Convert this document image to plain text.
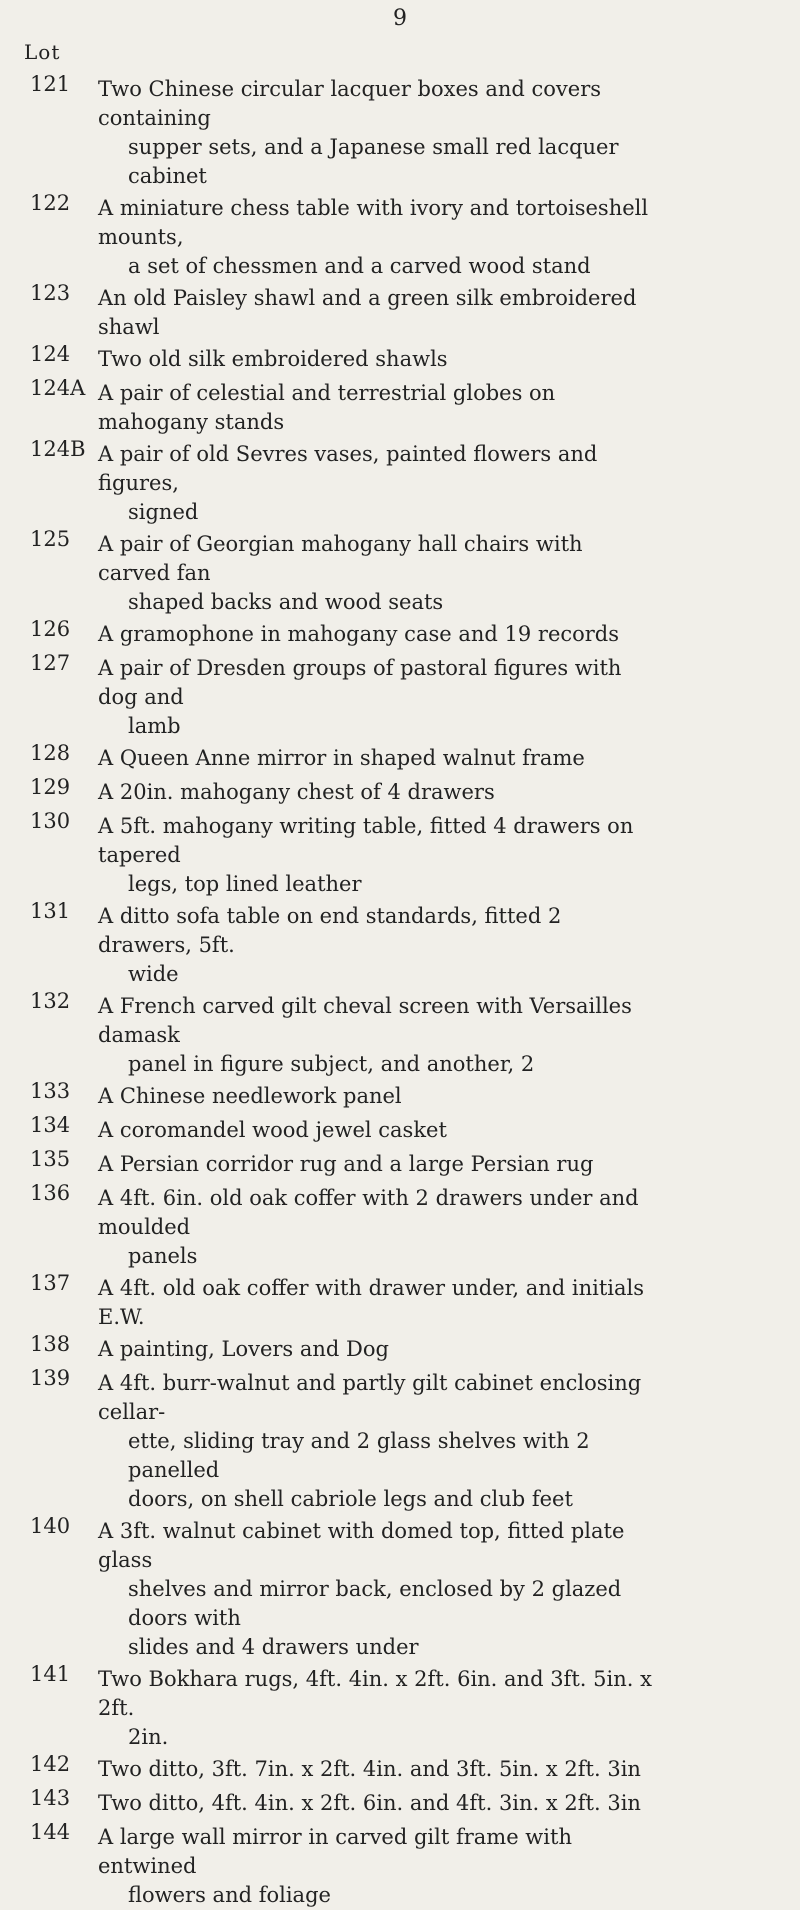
9
Lot
121	Two Chinese circular lacquer boxes and covers containing
supper sets, and a Japanese small red lacquer cabinet
122	A miniature chess table with ivory and tortoiseshell mounts,
a set of chessmen and a carved wood stand
123	An old Paisley shawl and a green silk embroidered shawl
124	Two old silk embroidered shawls
124A A pair of celestial and terrestrial globes on mahogany stands
124B A pair of old Sevres vases, painted flowers and figures,
signed
125	A pair of Georgian mahogany hall chairs with carved fan
shaped backs and wood seats
126	A gramophone in mahogany case and 19 records
127	A pair of Dresden groups of pastoral figures with dog and
lamb
128	A Queen Anne mirror in shaped walnut frame
129	A 20in. mahogany chest of 4 drawers
130	A 5ft. mahogany writing table, fitted 4 drawers on tapered
legs, top lined leather
131	A ditto sofa table on end standards, fitted 2 drawers, 5ft.
wide
132	A French carved gilt cheval screen with Versailles damask
panel in figure subject, and another, 2
133	A Chinese needlework panel
134	A coromandel wood jewel casket
135	A Persian corridor rug and a large Persian rug
136	A 4ft. 6in. old oak coffer with 2 drawers under and moulded
panels
137	A 4ft. old oak coffer with drawer under, and initials E.W.
138	A painting, Lovers and Dog
139	A 4ft. burr-walnut and partly gilt cabinet enclosing cellar-
ette, sliding tray and 2 glass shelves with 2 panelled
doors, on shell cabriole legs and club feet
140	A 3ft. walnut cabinet with domed top, fitted plate glass
shelves and mirror back, enclosed by 2 glazed doors with
slides and 4 drawers under
141	Two Bokhara rugs, 4ft. 4in. x 2ft. 6in. and 3ft. 5in. x 2ft.
2in.
142	Two ditto, 3ft. 7in. x 2ft. 4in. and 3ft. 5in. x 2ft. 3in
143	Two ditto, 4ft. 4in. x 2ft. 6in. and 4ft. 3in. x 2ft. 3in
144	A large wall mirror in carved gilt frame with entwined
flowers and foliage
